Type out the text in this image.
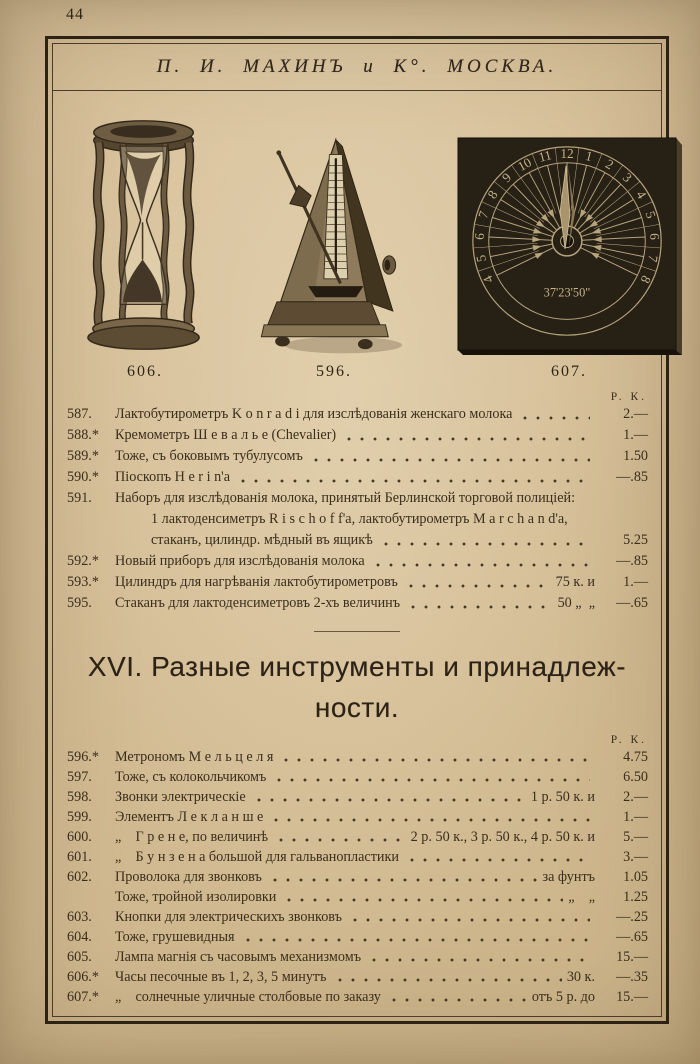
44
П. И. МАХИНЪ и К°. МОСКВА.
606.	596.
4
5
6
7
8
9
10 11 12 1
2
3
4
5
6
7
8
37'23'50"
607.
Р. К.
587.	Лактобутирометръ K o n r a d i для изслѣдованія женскаго молока	2.—
588.*	Кремометръ Ш е в а л ь е (Chevalier)	1.—
589.*	Тоже, съ боковымъ тубулусомъ	1.50
590.*	Піоскопъ H e r i n'a	—.85
591.	Наборъ для изслѣдованія молока, принятый Берлинской торговой полиціей:
1 лактоденсиметръ R i s c h o f f'a, лактобутирометръ M a r c h a n d'a,
стаканъ, цилиндр. мѣдный въ ящикѣ	5.25
592.*	Новый приборъ для изслѣдованія молока	—.85
593.*	Цилиндръ для нагрѣванія лактобутирометровъ	75 к. и	1.—
595.	Стаканъ для лактоденсиметровъ 2-хъ величинъ	50 „  „	—.65
XVI. Разные инструменты и принадлеж-
ности.
Р. К.
596.*	Метрономъ М е л ь ц е л я	4.75
597.	Тоже, съ колокольчикомъ	6.50
598.	Звонки электрическіе	1 р. 50 к. и	2.—
599.	Элементъ Л е к л а н ш е	1.—
600.	„    Г р е н е, по величинѣ	2 р. 50 к., 3 р. 50 к., 4 р. 50 к. и	5.—
601.	„    Б у н з е н а большой для гальванопластики	3.—
602.	Проволока для звонковъ	за фунтъ	1.05
Тоже, тройной изолировки	„    „	1.25
603.	Кнопки для электрическихъ звонковъ	—.25
604.	Тоже, грушевидныя	—.65
605.	Лампа магнія съ часовымъ механизмомъ	15.—
606.*	Часы песочные въ 1, 2, 3, 5 минутъ	30 к.	—.35
607.*	„    солнечные уличные столбовые по заказу	отъ 5 р. до	15.—
